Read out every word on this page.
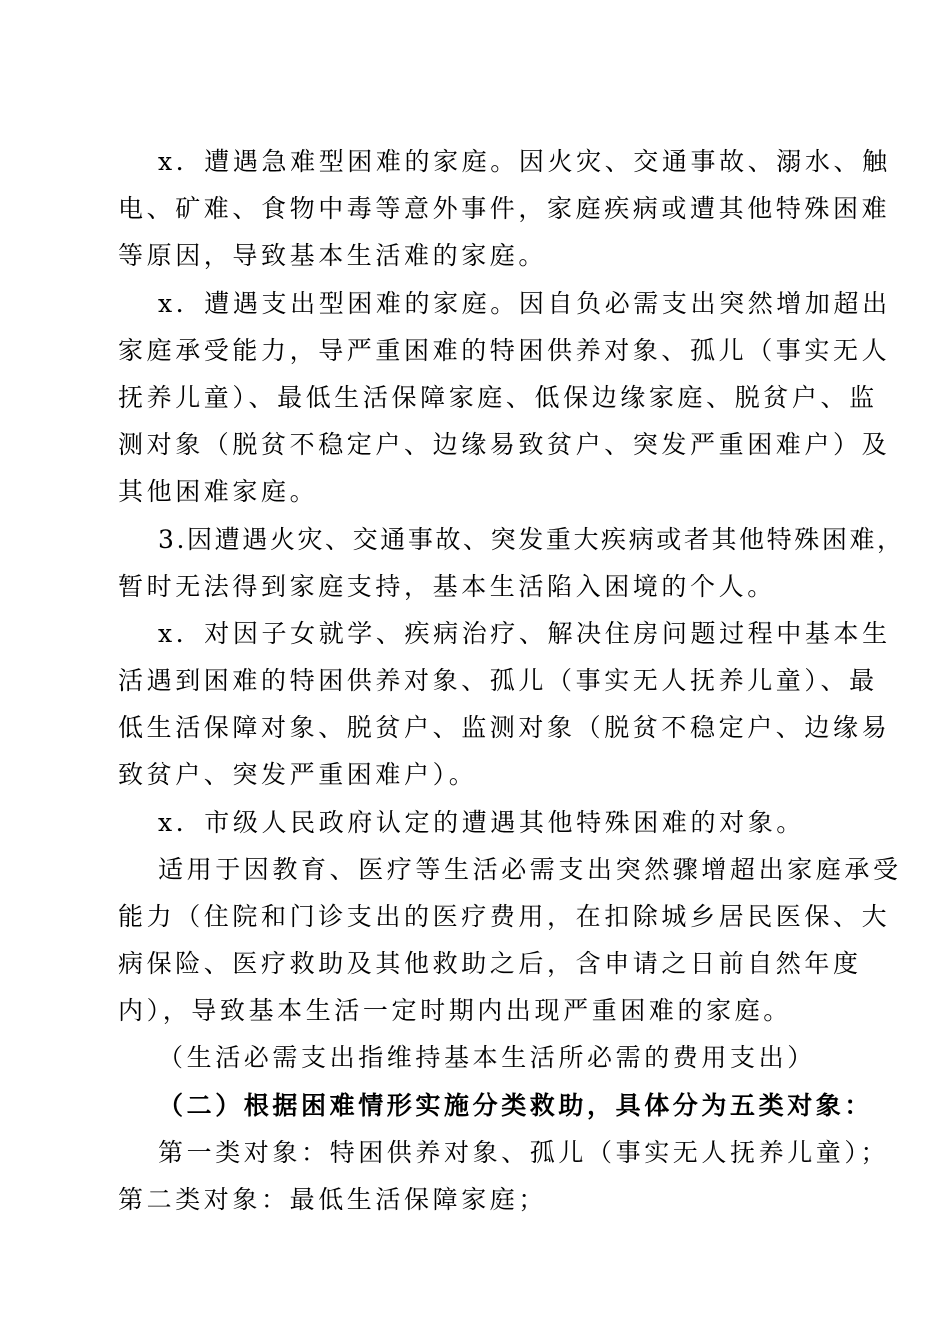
x．遭遇急难型困难的家庭。因火灾、交通事故、溺水、触

电、矿难、食物中毒等意外事件，家庭疾病或遭其他特殊困难

等原因，导致基本生活难的家庭。

x．遭遇支出型困难的家庭。因自负必需支出突然增加超出

家庭承受能力，导严重困难的特困供养对象、孤儿（事实无人

抚养儿童）、最低生活保障家庭、低保边缘家庭、脱贫户、监

测对象（脱贫不稳定户、边缘易致贫户、突发严重困难户）及

其他困难家庭。

3.因遭遇火灾、交通事故、突发重大疾病或者其他特殊困难，

暂时无法得到家庭支持，基本生活陷入困境的个人。

x．对因子女就学、疾病治疗、解决住房问题过程中基本生

活遇到困难的特困供养对象、孤儿（事实无人抚养儿童）、最

低生活保障对象、脱贫户、监测对象（脱贫不稳定户、边缘易

致贫户、突发严重困难户）。

x．市级人民政府认定的遭遇其他特殊困难的对象。

适用于因教育、医疗等生活必需支出突然骤增超出家庭承受

能力（住院和门诊支出的医疗费用，在扣除城乡居民医保、大

病保险、医疗救助及其他救助之后，含申请之日前自然年度

内），导致基本生活一定时期内出现严重困难的家庭。

（生活必需支出指维持基本生活所必需的费用支出）

（二）根据困难情形实施分类救助，具体分为五类对象：

第一类对象：特困供养对象、孤儿（事实无人抚养儿童）；

第二类对象：最低生活保障家庭；
